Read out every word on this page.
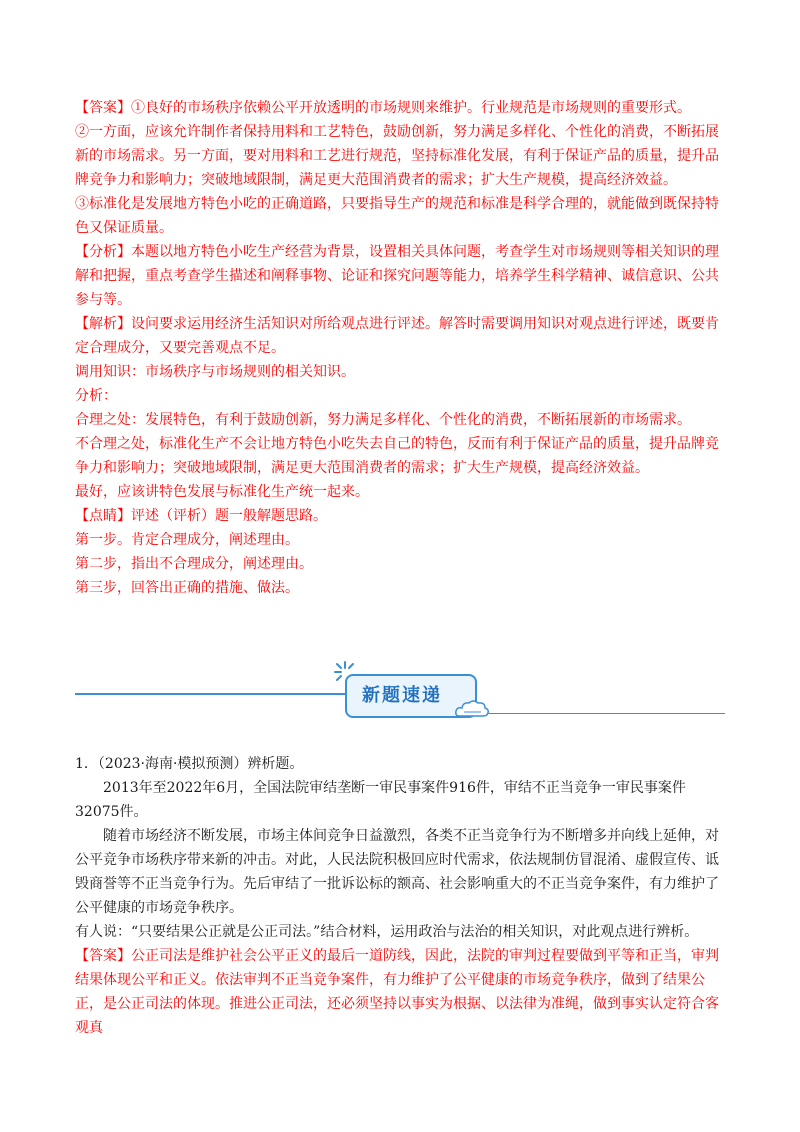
【答案】①良好的市场秩序依赖公平开放透明的市场规则来维护。行业规范是市场规则的重要形式。

②一方面，应该允许制作者保持用料和工艺特色，鼓励创新，努力满足多样化、个性化的消费，不断拓展新的市场需求。另一方面，要对用料和工艺进行规范，坚持标准化发展，有利于保证产品的质量，提升品牌竞争力和影响力；突破地域限制，满足更大范围消费者的需求；扩大生产规模，提高经济效益。

③标准化是发展地方特色小吃的正确道路，只要指导生产的规范和标准是科学合理的，就能做到既保持特色又保证质量。

【分析】本题以地方特色小吃生产经营为背景，设置相关具体问题，考查学生对市场规则等相关知识的理解和把握，重点考查学生描述和阐释事物、论证和探究问题等能力，培养学生科学精神、诚信意识、公共参与等。

【解析】设问要求运用经济生活知识对所给观点进行评述。解答时需要调用知识对观点进行评述，既要肯定合理成分，又要完善观点不足。

调用知识：市场秩序与市场规则的相关知识。

分析：

合理之处：发展特色，有利于鼓励创新，努力满足多样化、个性化的消费，不断拓展新的市场需求。

不合理之处，标准化生产不会让地方特色小吃失去自己的特色，反而有利于保证产品的质量，提升品牌竞争力和影响力；突破地域限制，满足更大范围消费者的需求；扩大生产规模，提高经济效益。

最好，应该讲特色发展与标准化生产统一起来。

【点睛】评述（评析）题一般解题思路。

第一步。肯定合理成分，阐述理由。

第二步，指出不合理成分，阐述理由。

第三步，回答出正确的措施、做法。

新题速递

1．（2023·海南·模拟预测）辨析题。

2013年至2022年6月，全国法院审结垄断一审民事案件916件，审结不正当竞争一审民事案件32075件。

随着市场经济不断发展，市场主体间竞争日益激烈，各类不正当竞争行为不断增多并向线上延伸，对公平竞争市场秩序带来新的冲击。对此，人民法院积极回应时代需求，依法规制仿冒混淆、虚假宣传、诋毁商誉等不正当竞争行为。先后审结了一批诉讼标的额高、社会影响重大的不正当竞争案件，有力维护了公平健康的市场竞争秩序。

有人说：“只要结果公正就是公正司法。”结合材料，运用政治与法治的相关知识，对此观点进行辨析。

【答案】公正司法是维护社会公平正义的最后一道防线，因此，法院的审判过程要做到平等和正当，审判结果体现公平和正义。依法审判不正当竞争案件，有力维护了公平健康的市场竞争秩序，做到了结果公正，是公正司法的体现。推进公正司法，还必须坚持以事实为根据、以法律为准绳，做到事实认定符合客观真
